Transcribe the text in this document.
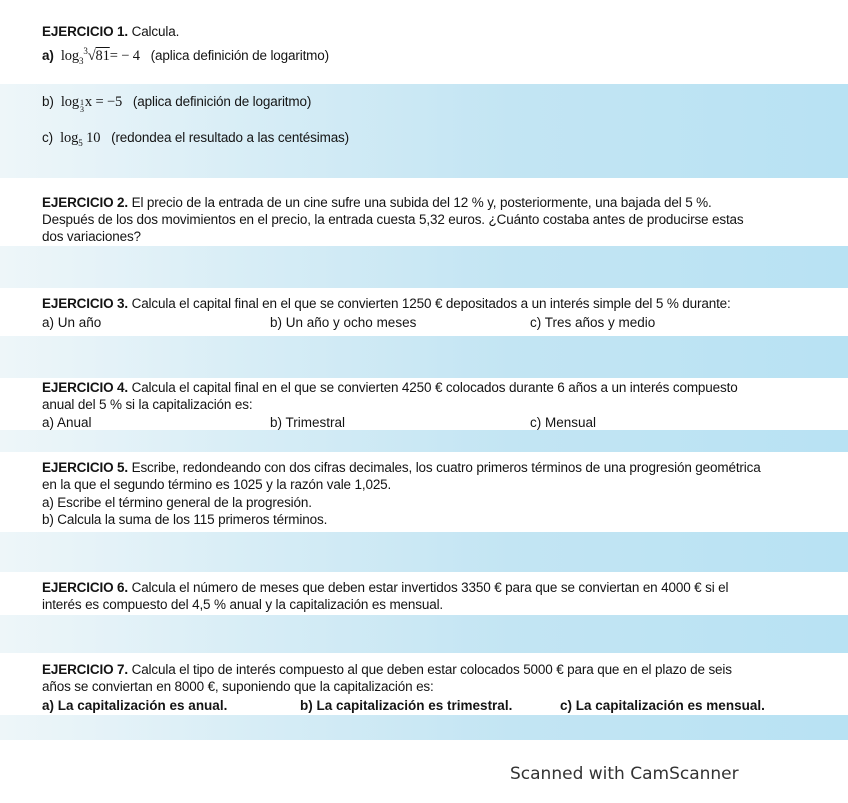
EJERCICIO 1. Calcula.
a) $\log_3^3√81= - 4$ (aplica definición de logaritmo)
b) log1
3x = −5 (aplica definición de logaritmo)
c) $\log_5 10$ (redondea el resultado a las centésimas)
EJERCICIO 2. El precio de la entrada de un cine sufre una subida del 12 % y, posteriormente, una bajada del 5 %.
Después de los dos movimientos en el precio, la entrada cuesta 5,32 euros. ¿Cuánto costaba antes de producirse estas
dos variaciones?
EJERCICIO 3. Calcula el capital final en el que se convierten 1250 € depositados a un interés simple del 5 % durante:
a) Un año	b) Un año y ocho meses	c) Tres años y medio
EJERCICIO 4. Calcula el capital final en el que se convierten 4250 € colocados durante 6 años a un interés compuesto
anual del 5 % si la capitalización es:
a) Anual	b) Trimestral	c) Mensual
EJERCICIO 5. Escribe, redondeando con dos cifras decimales, los cuatro primeros términos de una progresión geométrica
en la que el segundo término es 1025 y la razón vale 1,025.
a) Escribe el término general de la progresión.
b) Calcula la suma de los 115 primeros términos.
EJERCICIO 6. Calcula el número de meses que deben estar invertidos 3350 € para que se conviertan en 4000 € si el
interés es compuesto del 4,5 % anual y la capitalización es mensual.
EJERCICIO 7. Calcula el tipo de interés compuesto al que deben estar colocados 5000 € para que en el plazo de seis
años se conviertan en 8000 €, suponiendo que la capitalización es:
a) La capitalización es anual.	b) La capitalización es trimestral.	c) La capitalización es mensual.
Scanned with CamScanner
